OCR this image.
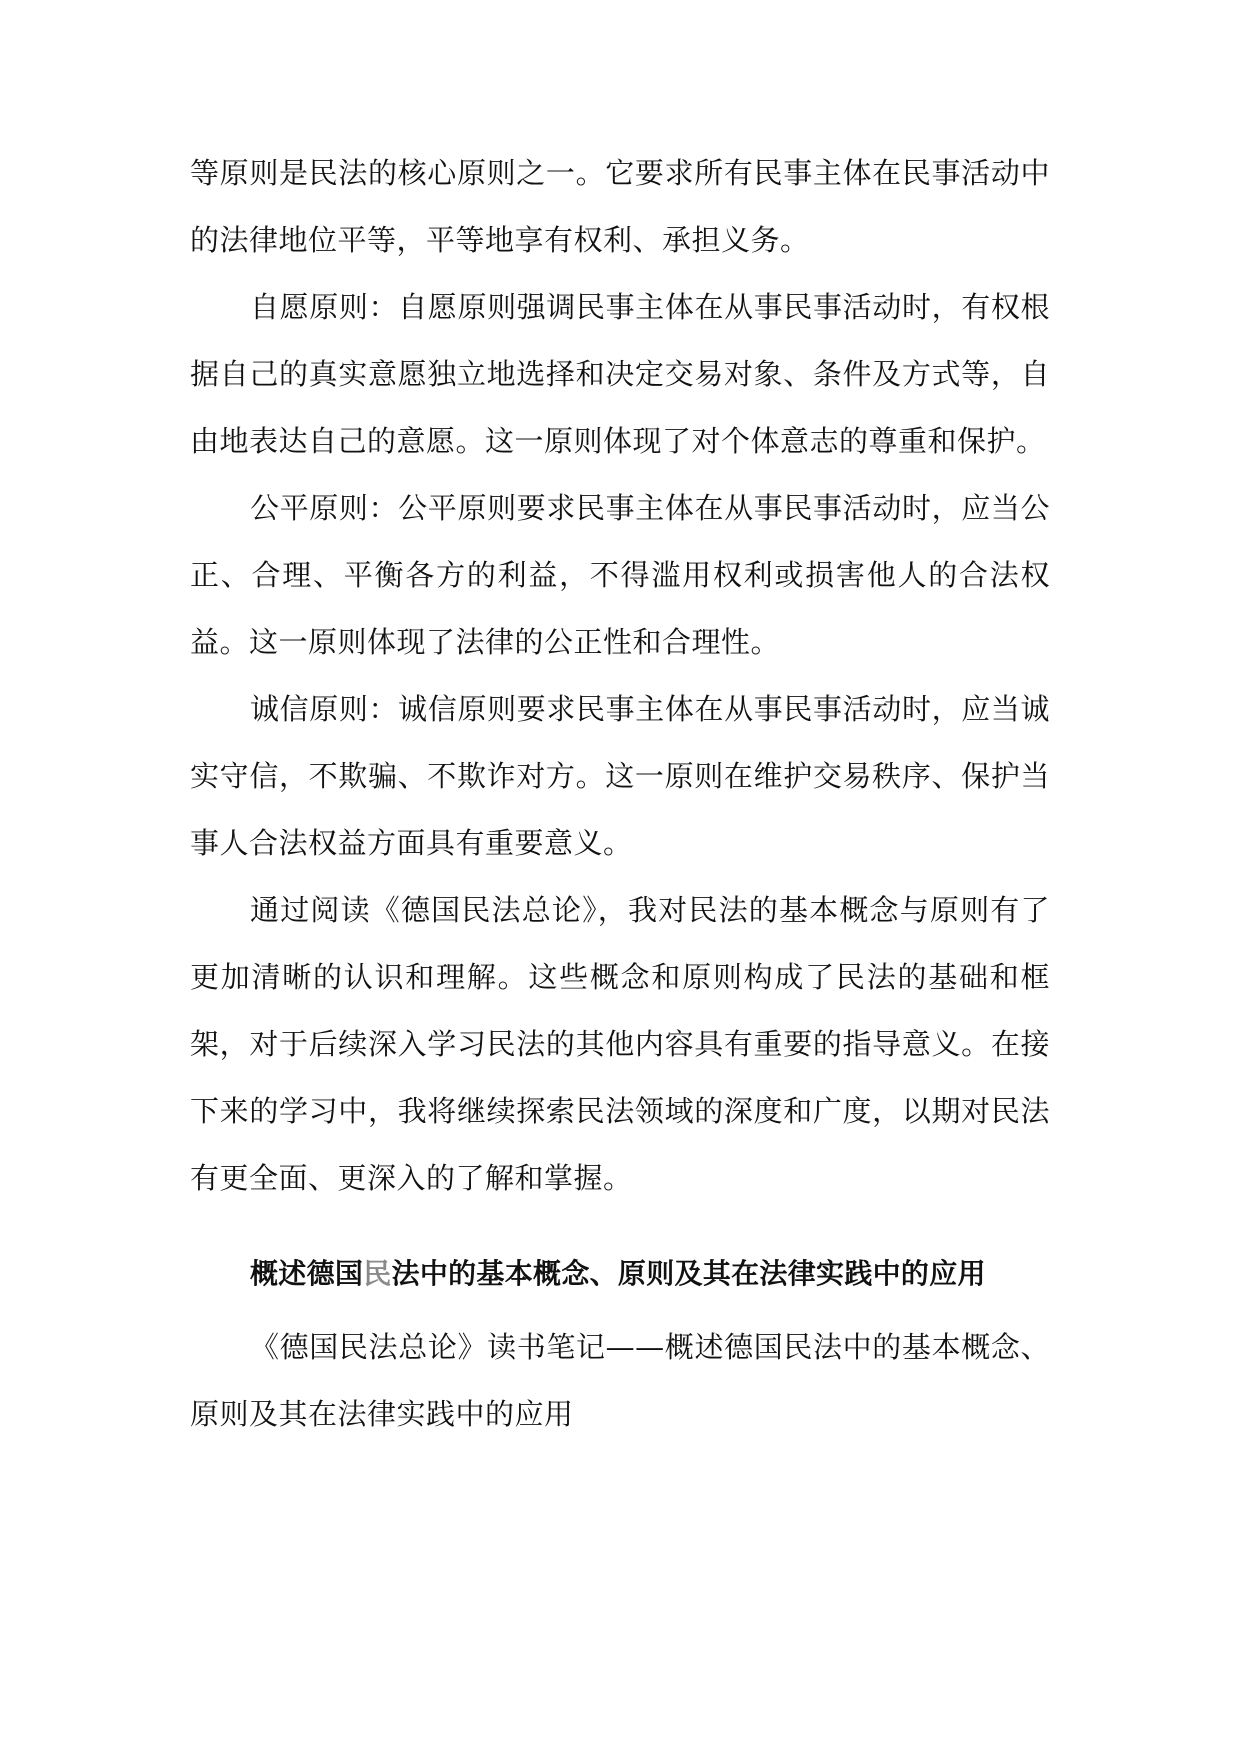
等原则是民法的核心原则之一。它要求所有民事主体在民事活动中的法律地位平等，平等地享有权利、承担义务。

自愿原则：自愿原则强调民事主体在从事民事活动时，有权根据自己的真实意愿独立地选择和决定交易对象、条件及方式等，自由地表达自己的意愿。这一原则体现了对个体意志的尊重和保护。

公平原则：公平原则要求民事主体在从事民事活动时，应当公正、合理、平衡各方的利益，不得滥用权利或损害他人的合法权益。这一原则体现了法律的公正性和合理性。

诚信原则：诚信原则要求民事主体在从事民事活动时，应当诚实守信，不欺骗、不欺诈对方。这一原则在维护交易秩序、保护当事人合法权益方面具有重要意义。

通过阅读《德国民法总论》，我对民法的基本概念与原则有了更加清晰的认识和理解。这些概念和原则构成了民法的基础和框架，对于后续深入学习民法的其他内容具有重要的指导意义。在接下来的学习中，我将继续探索民法领域的深度和广度，以期对民法有更全面、更深入的了解和掌握。

概述德国民法中的基本概念、原则及其在法律实践中的应用

《德国民法总论》读书笔记——概述德国民法中的基本概念、原则及其在法律实践中的应用
